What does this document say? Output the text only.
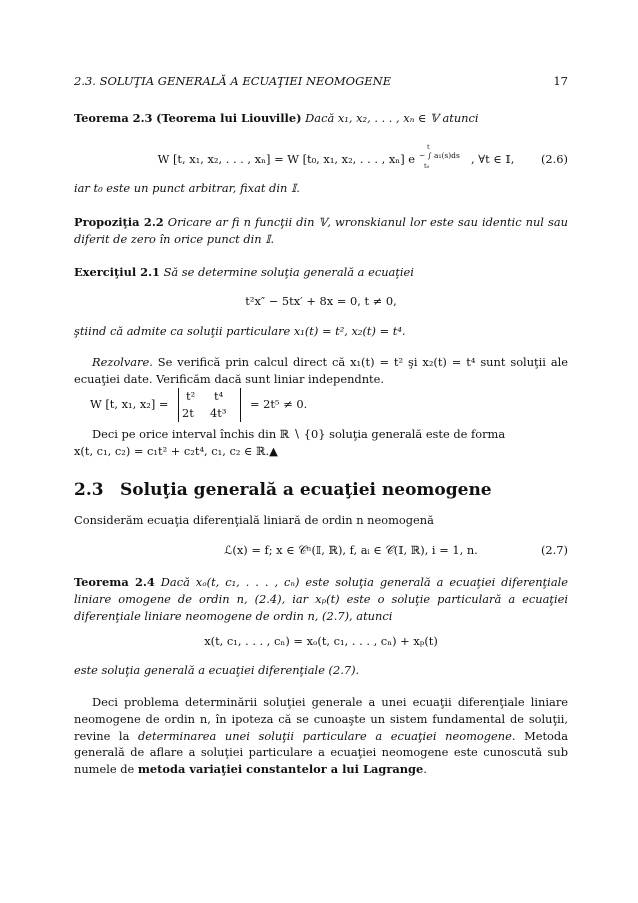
2.3. SOLUŢIA GENERALĂ A ECUAŢIEI NEOMOGENE	17
Teorema 2.3 (Teorema lui Liouville) Dacă x₁, x₂, . . . , xₙ ∈ 𝕍 atunci
W [t, x₁, x₂, . . . , xₙ] = W [t₀, x₁, x₂, . . . , xₙ] e − ∫ a₁(s)ds
t
t₀	, ∀t ∈ 𝕀, (2.6)
iar t₀ este un punct arbitrar, fixat din 𝕀.
Propoziţia 2.2 Oricare ar fi n funcţii din 𝕍, wronskianul lor este sau identic nul sau diferit de zero în orice punct din 𝕀.
Exerciţiul 2.1 Să se determine soluţia generală a ecuaţiei
t²x″ − 5tx′ + 8x = 0, t ≠ 0,
ştiind că admite ca soluţii particulare x₁(t) = t², x₂(t) = t⁴.
Rezolvare. Se verifică prin calcul direct că x₁(t) = t² şi x₂(t) = t⁴ sunt soluţii ale ecuaţiei date. Verificăm dacă sunt liniar independnte.
W [t, x₁, x₂] =
t² t⁴
2t 4t³
= 2t⁵ ≠ 0.
Deci pe orice interval închis din ℝ ∖ {0} soluţia generală este de forma
x(t, c₁, c₂) = c₁t² + c₂t⁴, c₁, c₂ ∈ ℝ.▲
2.3 Soluţia generală a ecuaţiei neomogene
Considerăm ecuaţia diferenţială liniară de ordin n neomogenă
ℒ(x) = f; x ∈ 𝒞ⁿ(𝕀, ℝ), f, aᵢ ∈ 𝒞(𝕀, ℝ), i = 1, n.	(2.7)
Teorema 2.4 Dacă xₒ(t, c₁, . . . , cₙ) este soluţia generală a ecuaţiei diferenţiale liniare omogene de ordin n, (2.4), iar xₚ(t) este o soluţie particulară a ecuaţiei diferenţiale liniare neomogene de ordin n, (2.7), atunci
x(t, c₁, . . . , cₙ) = xₒ(t, c₁, . . . , cₙ) + xₚ(t)
este soluţia generală a ecuaţiei diferenţiale (2.7).
Deci problema determinării soluţiei generale a unei ecuaţii diferenţiale liniare neomogene de ordin n, în ipoteza că se cunoaşte un sistem fundamental de soluţii, revine la determinarea unei soluţii particulare a ecuaţiei neomogene. Metoda generală de aflare a soluţiei particulare a ecuaţiei neomogene este cunoscută sub numele de metoda variaţiei constantelor a lui Lagrange.
